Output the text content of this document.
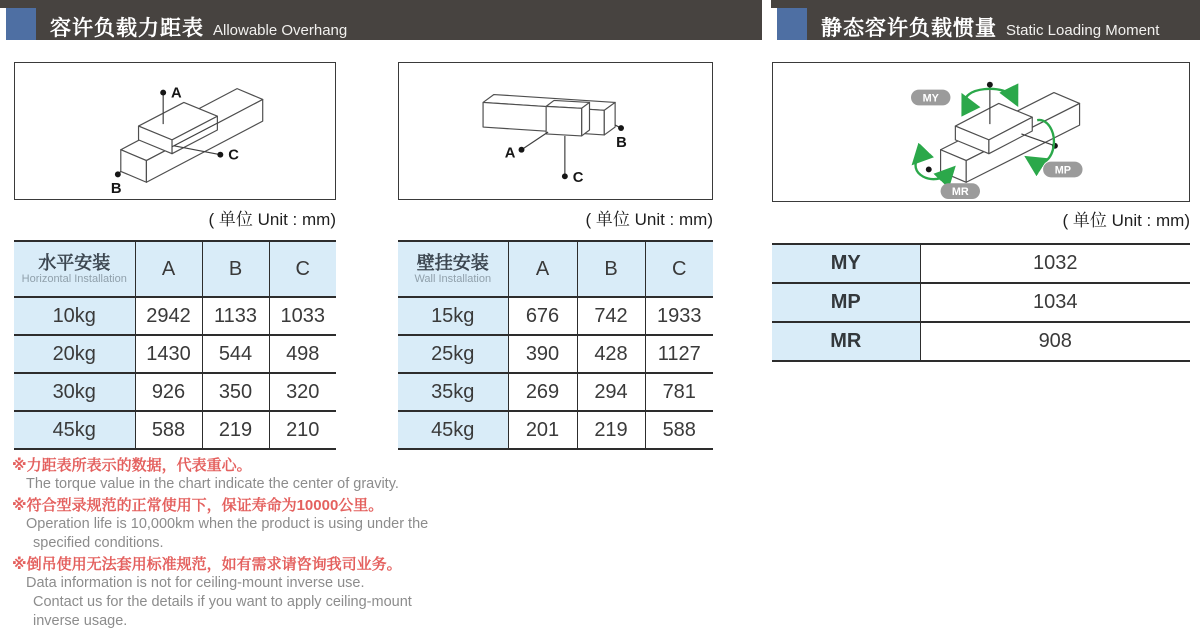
容许负载力距表 Allowable Overhang	静态容许负载惯量 Static Loading Moment
A
B
C
( 单位 Unit : mm)
A
B
C
( 单位 Unit : mm)
MY
MP
MR
( 单位 Unit : mm)
水平安装
Horizontal Installation	A	B	C
10kg	2942	1133	1033
20kg	1430	544	498
30kg	926	350	320
45kg	588	219	210
壁挂安装
Wall Installation	A	B	C
15kg	676	742	1933
25kg	390	428	1127
35kg	269	294	781
45kg	201	219	588
MY	1032
MP	1034
MR	908
※力距表所表示的数据，代表重心。
The torque value in the chart indicate the center of gravity.
※符合型录规范的正常使用下，保证寿命为10000公里。
Operation life is 10,000km when the product is using under the
specified conditions.
※倒吊使用无法套用标准规范，如有需求请咨询我司业务。
Data information is not for ceiling-mount inverse use.
Contact us for the details if you want to apply ceiling-mount
inverse usage.
